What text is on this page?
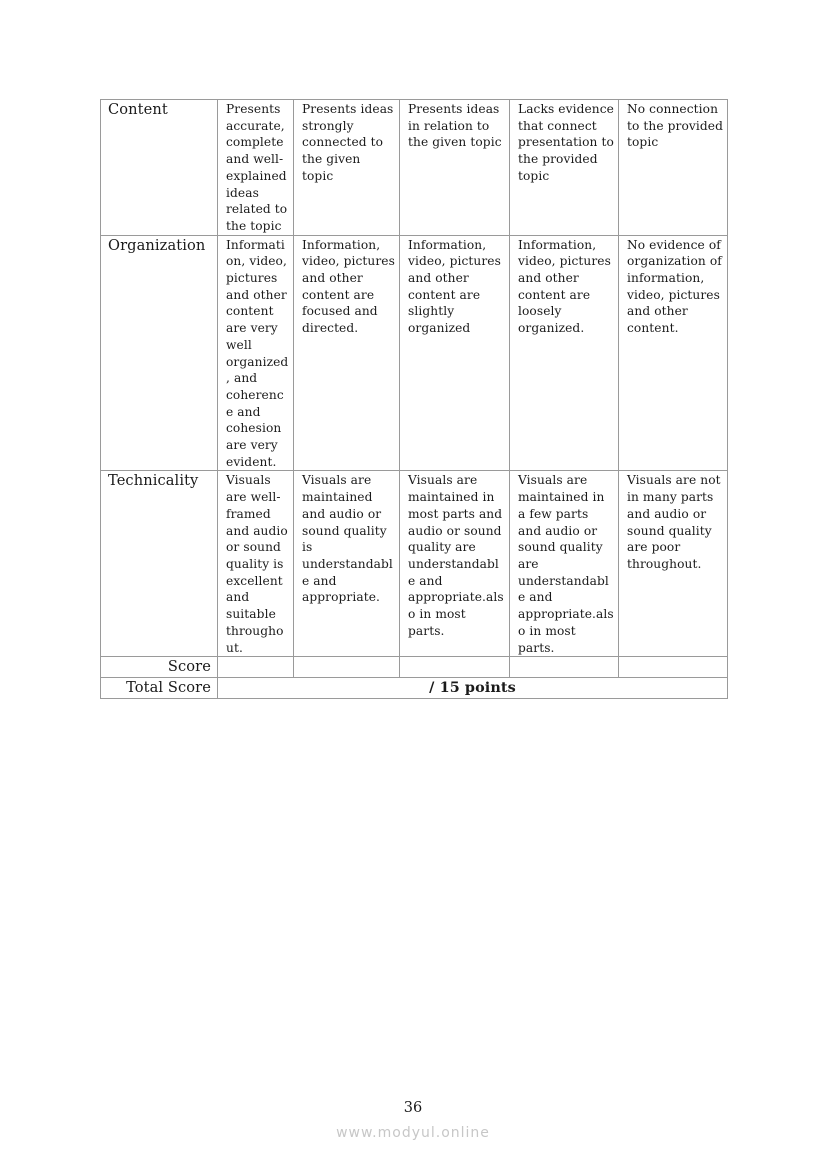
Content	Presents accurate, complete and well-explained ideas related to the topic	Presents ideas strongly connected to the given topic	Presents ideas in relation to the given topic	Lacks evidence that connect presentation to the provided topic	No connection to the provided topic
Organization	Information, video, pictures and other content are very well organized, and coherence and cohesion are very evident.	Information, video, pictures and other content are focused and directed.	Information, video, pictures and other content are slightly organized	Information, video, pictures and other content are loosely organized.	No evidence of organization of information, video, pictures and other content.
Technicality	Visuals are well-framed and audio or sound quality is excellent and suitable throughout.	Visuals are maintained and audio or sound quality is understandable and appropriate.	Visuals are maintained in most parts and audio or sound quality are understandable and appropriate.also in most parts.	Visuals are maintained in a few parts and audio or sound quality are understandable and appropriate.also in most parts.	Visuals are not in many parts and audio or sound quality are poor throughout.
Score					
Total Score	/ 15 points				
36
www.modyul.online
